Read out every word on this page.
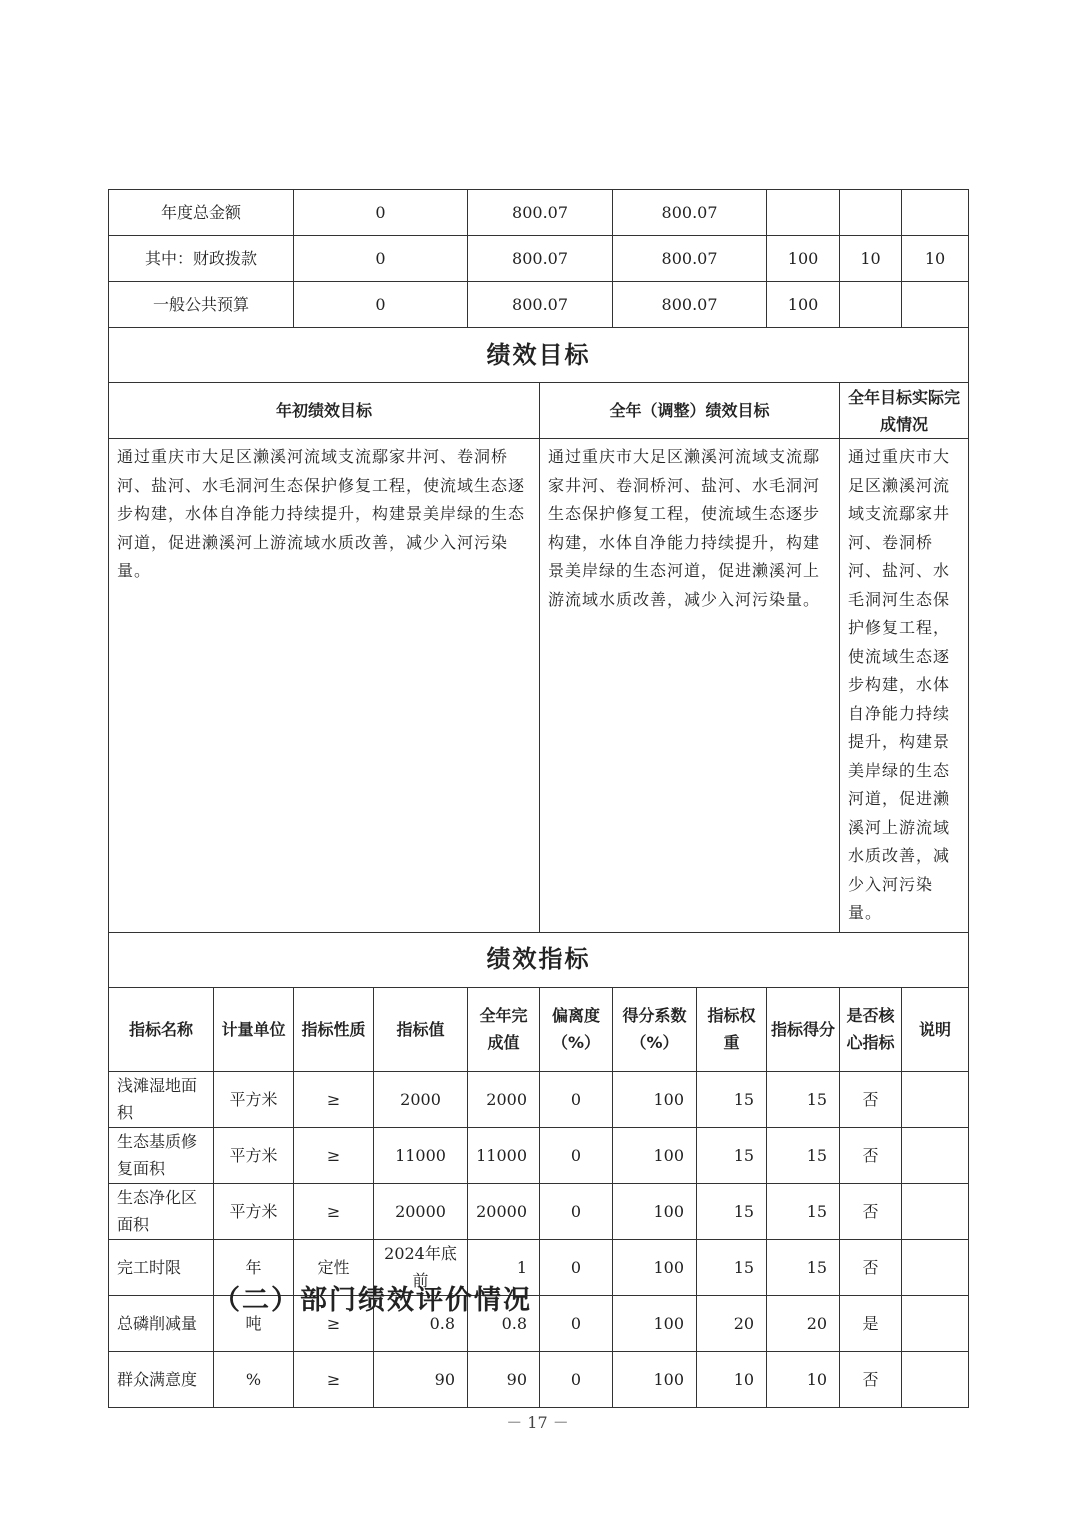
年度总金额		0		800.07		800.07				
其中：财政拨款		0		800.07		800.07		100	10	10
一般公共预算		0		800.07		800.07		100		
绩效目标										
年初绩效目标					全年（调整）绩效目标				全年目标实际完成情况	
通过重庆市大足区濑溪河流域支流鄢家井河、卷洞桥河、盐河、水毛洞河生态保护修复工程，使流域生态逐步构建，水体自净能力持续提升，构建景美岸绿的生态河道，促进濑溪河上游流域水质改善，减少入河污染量。					通过重庆市大足区濑溪河流域支流鄢家井河、卷洞桥河、盐河、水毛洞河生态保护修复工程，使流域生态逐步构建，水体自净能力持续提升，构建景美岸绿的生态河道，促进濑溪河上游流域水质改善，减少入河污染量。				通过重庆市大足区濑溪河流域支流鄢家井河、卷洞桥河、盐河、水毛洞河生态保护修复工程，使流域生态逐步构建，水体自净能力持续提升，构建景美岸绿的生态河道，促进濑溪河上游流域水质改善，减少入河污染量。	
绩效指标										
指标名称	计量单位	指标性质	指标值	全年完成值	偏离度（%）	得分系数（%）	指标权重	指标得分	是否核心指标	说明
浅滩湿地面积	平方米	≥	2000	2000	0	100	15	15	否	
生态基质修复面积	平方米	≥	11000	11000	0	100	15	15	否	
生态净化区面积	平方米	≥	20000	20000	0	100	15	15	否	
完工时限	年	定性	2024年底前	1	0	100	15	15	否	
总磷削减量	吨	≥	0.8	0.8	0	100	20	20	是	
群众满意度	%	≥	90	90	0	100	10	10	否	
（二）部门绩效评价情况
－ 17 －
